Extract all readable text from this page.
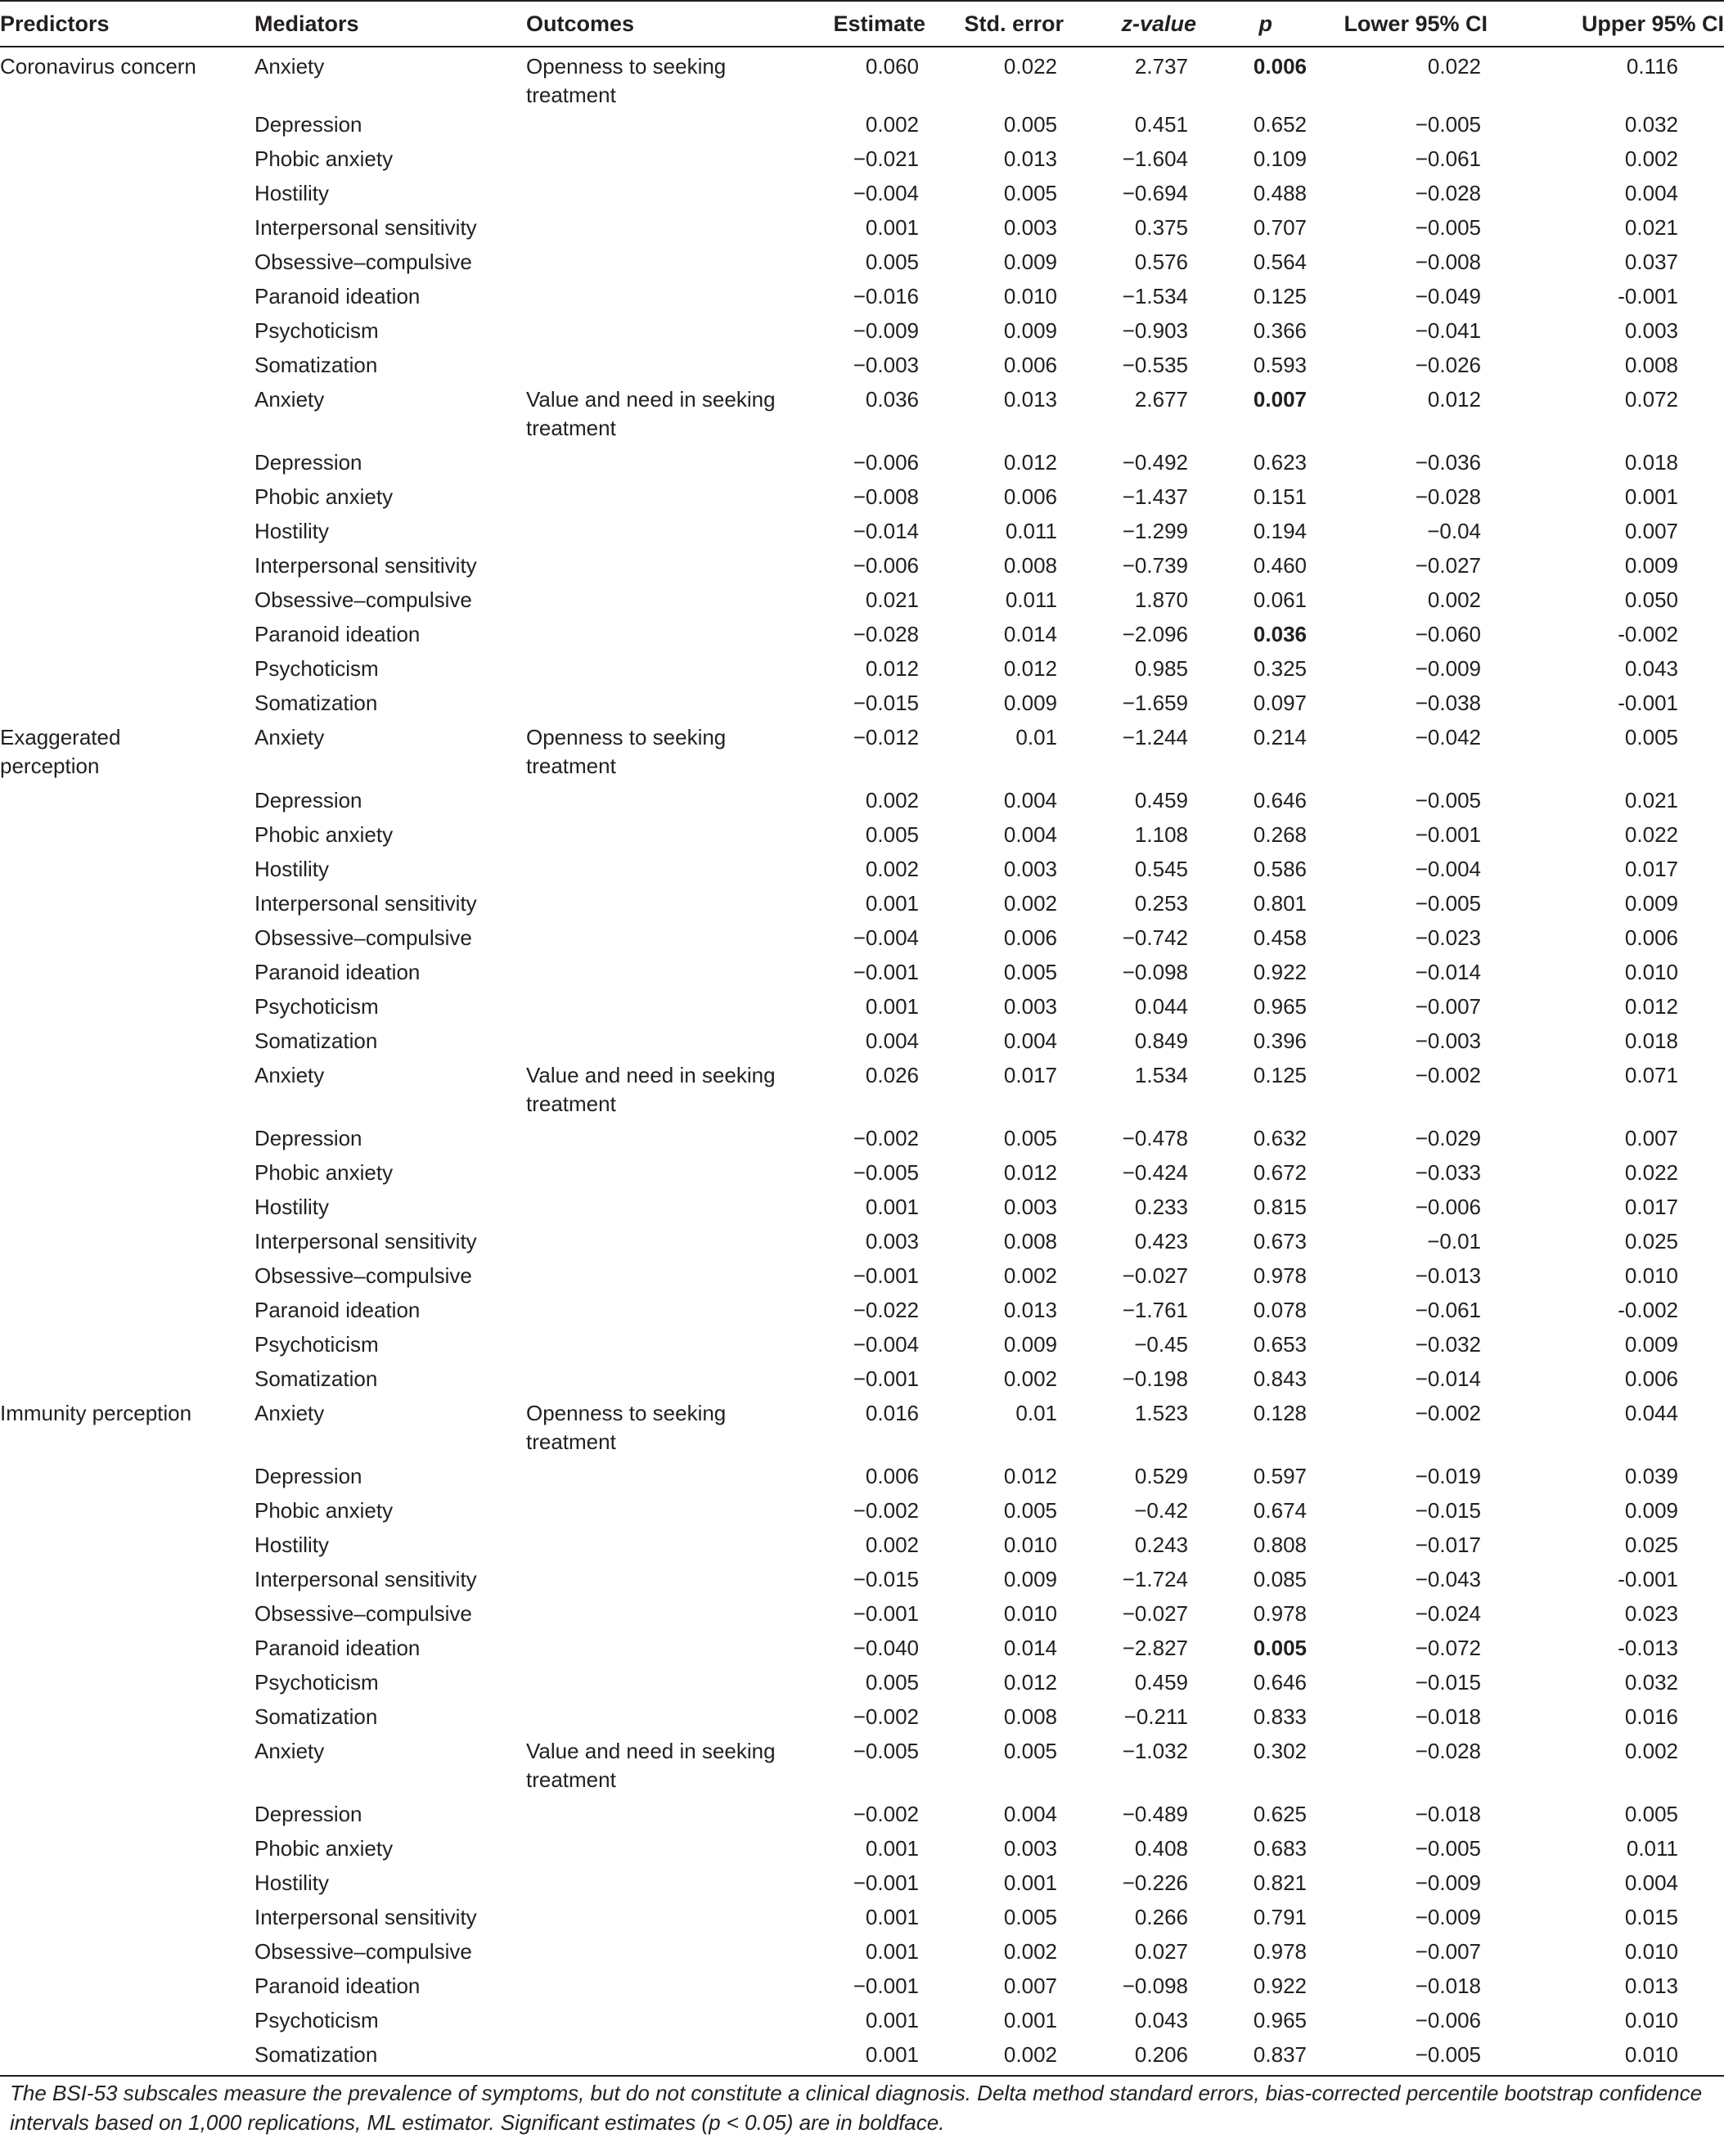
Predictors	Mediators	Outcomes	Estimate	Std. error	z-value	p	Lower 95% CI	Upper 95% CI
Coronavirus concern	Anxiety	Openness to seeking treatment	0.060	0.022	2.737	0.006	0.022	0.116
	Depression		0.002	0.005	0.451	0.652	−0.005	0.032
	Phobic anxiety		−0.021	0.013	−1.604	0.109	−0.061	0.002
	Hostility		−0.004	0.005	−0.694	0.488	−0.028	0.004
	Interpersonal sensitivity		0.001	0.003	0.375	0.707	−0.005	0.021
	Obsessive–compulsive		0.005	0.009	0.576	0.564	−0.008	0.037
	Paranoid ideation		−0.016	0.010	−1.534	0.125	−0.049	-0.001
	Psychoticism		−0.009	0.009	−0.903	0.366	−0.041	0.003
	Somatization		−0.003	0.006	−0.535	0.593	−0.026	0.008
	Anxiety	Value and need in seeking treatment	0.036	0.013	2.677	0.007	0.012	0.072
	Depression		−0.006	0.012	−0.492	0.623	−0.036	0.018
	Phobic anxiety		−0.008	0.006	−1.437	0.151	−0.028	0.001
	Hostility		−0.014	0.011	−1.299	0.194	−0.04	0.007
	Interpersonal sensitivity		−0.006	0.008	−0.739	0.460	−0.027	0.009
	Obsessive–compulsive		0.021	0.011	1.870	0.061	0.002	0.050
	Paranoid ideation		−0.028	0.014	−2.096	0.036	−0.060	-0.002
	Psychoticism		0.012	0.012	0.985	0.325	−0.009	0.043
	Somatization		−0.015	0.009	−1.659	0.097	−0.038	-0.001
Exaggerated perception	Anxiety	Openness to seeking treatment	−0.012	0.01	−1.244	0.214	−0.042	0.005
	Depression		0.002	0.004	0.459	0.646	−0.005	0.021
	Phobic anxiety		0.005	0.004	1.108	0.268	−0.001	0.022
	Hostility		0.002	0.003	0.545	0.586	−0.004	0.017
	Interpersonal sensitivity		0.001	0.002	0.253	0.801	−0.005	0.009
	Obsessive–compulsive		−0.004	0.006	−0.742	0.458	−0.023	0.006
	Paranoid ideation		−0.001	0.005	−0.098	0.922	−0.014	0.010
	Psychoticism		0.001	0.003	0.044	0.965	−0.007	0.012
	Somatization		0.004	0.004	0.849	0.396	−0.003	0.018
	Anxiety	Value and need in seeking treatment	0.026	0.017	1.534	0.125	−0.002	0.071
	Depression		−0.002	0.005	−0.478	0.632	−0.029	0.007
	Phobic anxiety		−0.005	0.012	−0.424	0.672	−0.033	0.022
	Hostility		0.001	0.003	0.233	0.815	−0.006	0.017
	Interpersonal sensitivity		0.003	0.008	0.423	0.673	−0.01	0.025
	Obsessive–compulsive		−0.001	0.002	−0.027	0.978	−0.013	0.010
	Paranoid ideation		−0.022	0.013	−1.761	0.078	−0.061	-0.002
	Psychoticism		−0.004	0.009	−0.45	0.653	−0.032	0.009
	Somatization		−0.001	0.002	−0.198	0.843	−0.014	0.006
Immunity perception	Anxiety	Openness to seeking treatment	0.016	0.01	1.523	0.128	−0.002	0.044
	Depression		0.006	0.012	0.529	0.597	−0.019	0.039
	Phobic anxiety		−0.002	0.005	−0.42	0.674	−0.015	0.009
	Hostility		0.002	0.010	0.243	0.808	−0.017	0.025
	Interpersonal sensitivity		−0.015	0.009	−1.724	0.085	−0.043	-0.001
	Obsessive–compulsive		−0.001	0.010	−0.027	0.978	−0.024	0.023
	Paranoid ideation		−0.040	0.014	−2.827	0.005	−0.072	-0.013
	Psychoticism		0.005	0.012	0.459	0.646	−0.015	0.032
	Somatization		−0.002	0.008	−0.211	0.833	−0.018	0.016
	Anxiety	Value and need in seeking treatment	−0.005	0.005	−1.032	0.302	−0.028	0.002
	Depression		−0.002	0.004	−0.489	0.625	−0.018	0.005
	Phobic anxiety		0.001	0.003	0.408	0.683	−0.005	0.011
	Hostility		−0.001	0.001	−0.226	0.821	−0.009	0.004
	Interpersonal sensitivity		0.001	0.005	0.266	0.791	−0.009	0.015
	Obsessive–compulsive		0.001	0.002	0.027	0.978	−0.007	0.010
	Paranoid ideation		−0.001	0.007	−0.098	0.922	−0.018	0.013
	Psychoticism		0.001	0.001	0.043	0.965	−0.006	0.010
	Somatization		0.001	0.002	0.206	0.837	−0.005	0.010
The BSI-53 subscales measure the prevalence of symptoms, but do not constitute a clinical diagnosis. Delta method standard errors, bias-corrected percentile bootstrap confidence intervals based on 1,000 replications, ML estimator. Significant estimates (p < 0.05) are in boldface.
